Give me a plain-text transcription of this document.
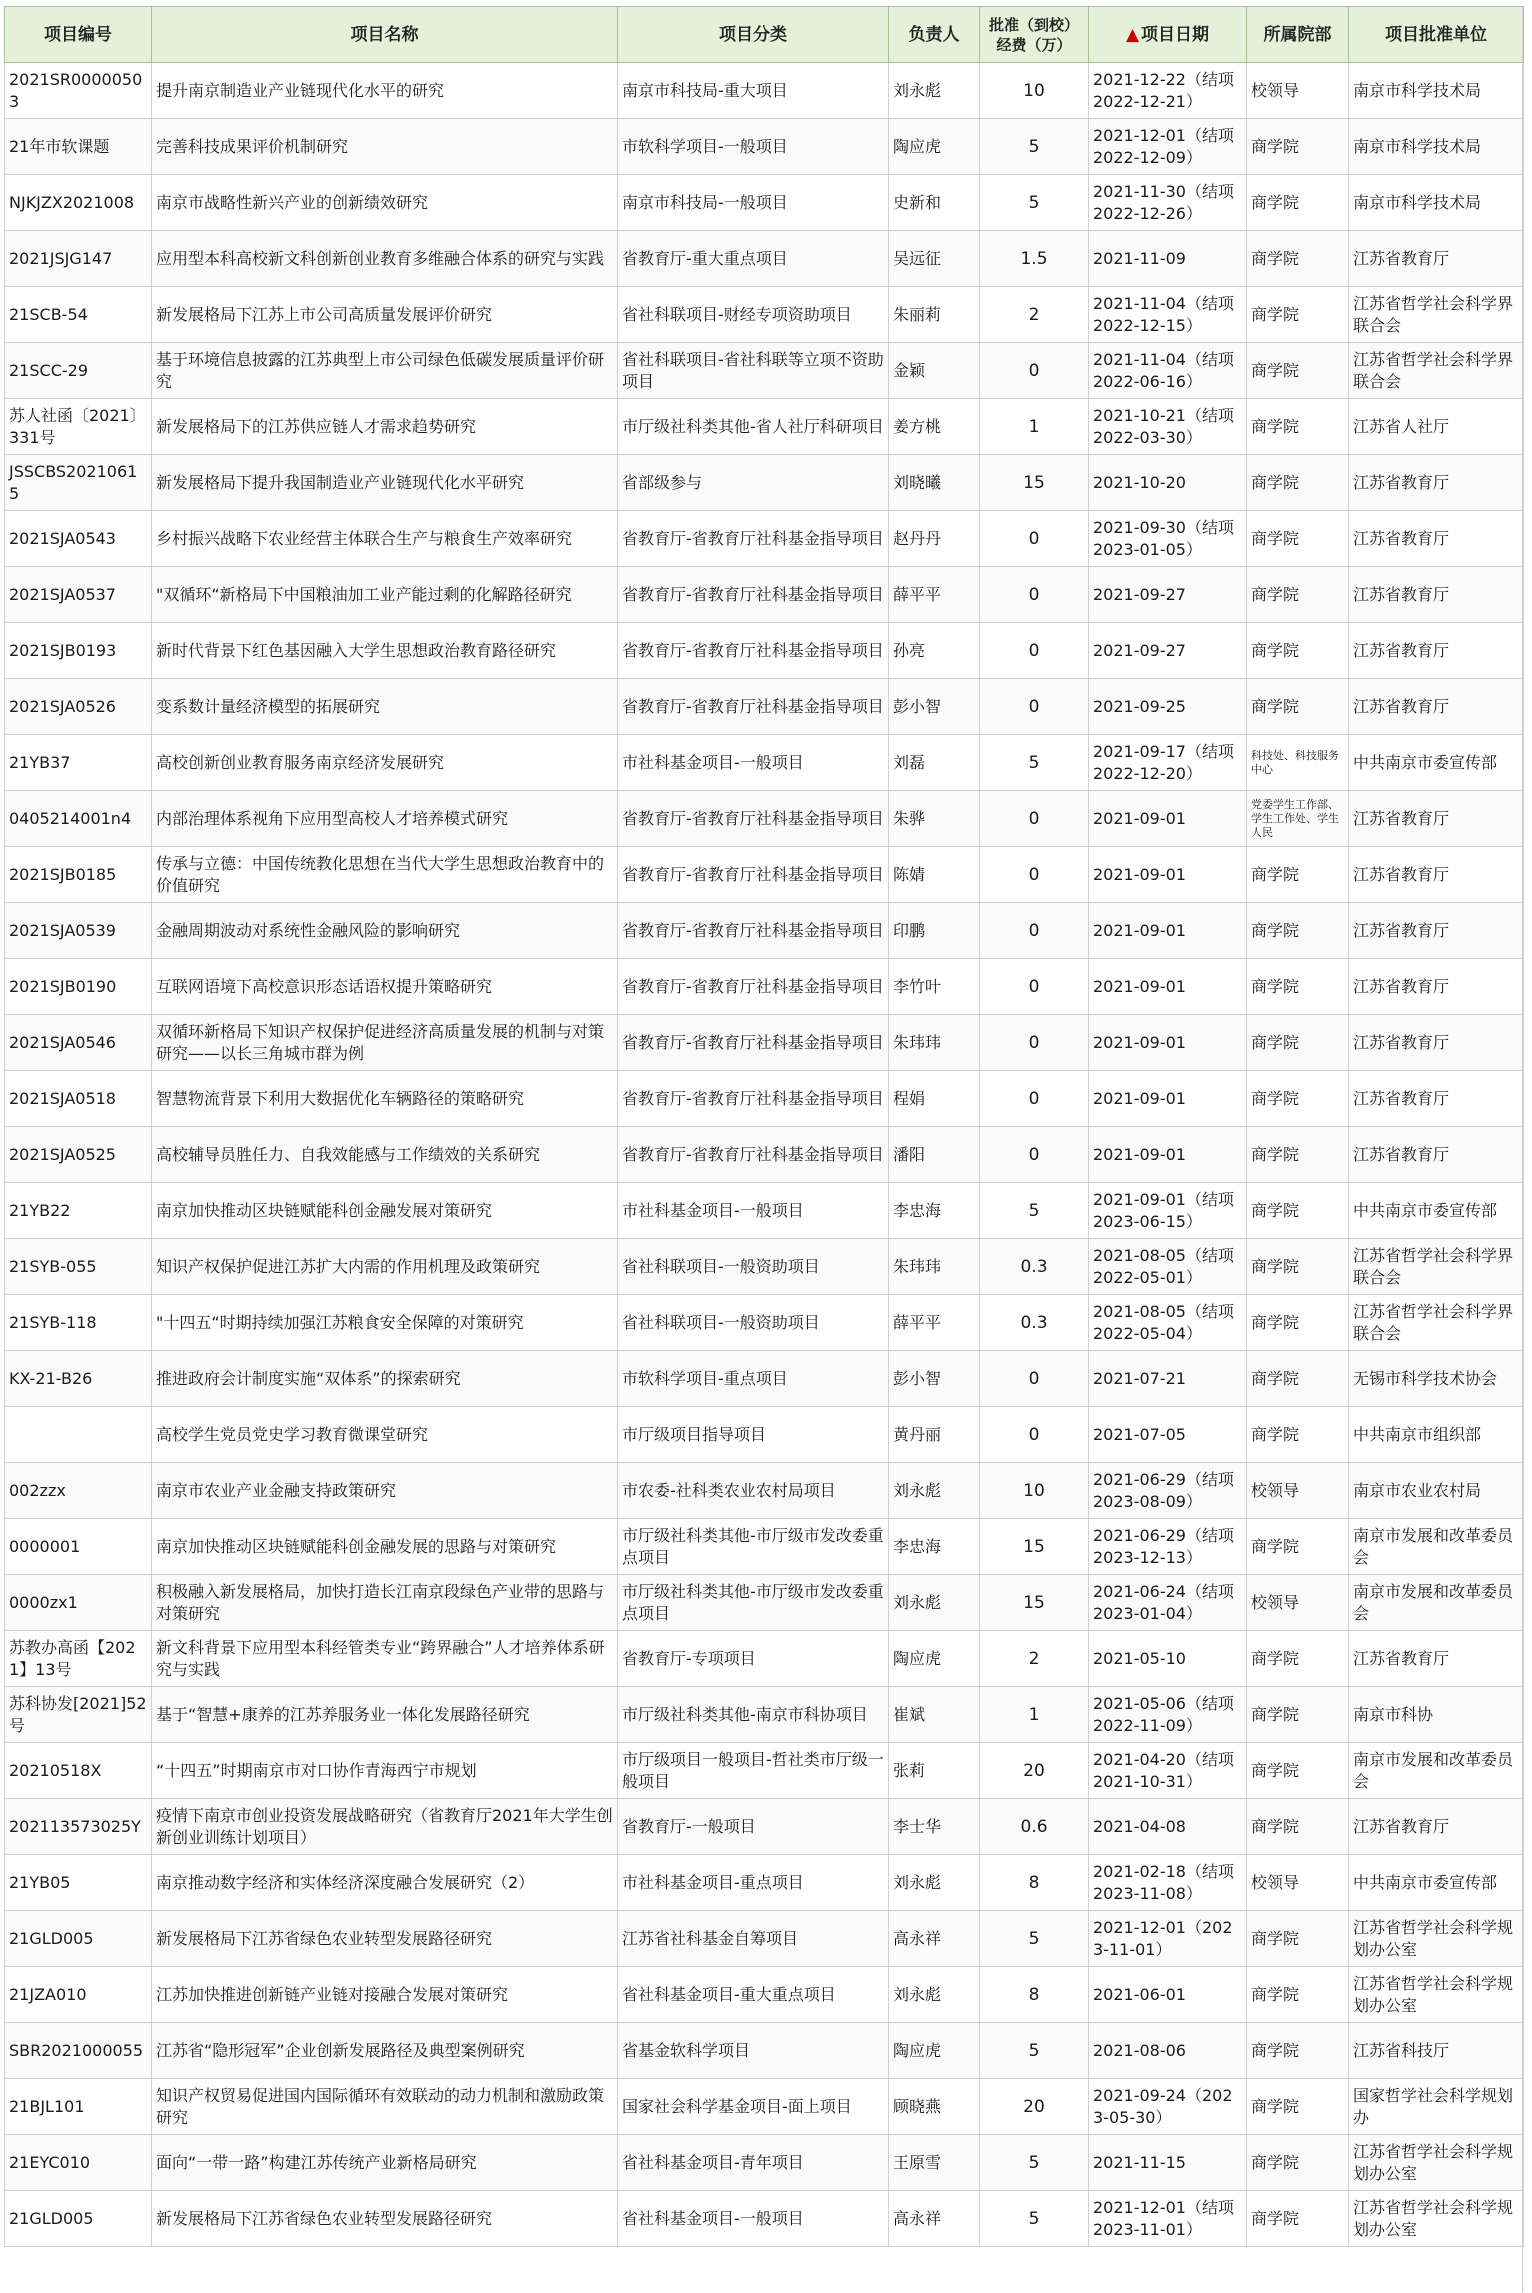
项目编号	项目名称	项目分类	负责人	批准（到校）
经费（万）	▲ 项目日期	所属院部	项目批准单位
2021SR00000503	提升南京制造业产业链现代化水平的研究	南京市科技局-重大项目	刘永彪	10	2021-12-22（结项2022-12-21）	校领导	南京市科学技术局
21年市软课题	完善科技成果评价机制研究	市软科学项目-一般项目	陶应虎	5	2021-12-01（结项2022-12-09）	商学院	南京市科学技术局
NJKJZX2021008	南京市战略性新兴产业的创新绩效研究	南京市科技局-一般项目	史新和	5	2021-11-30（结项2022-12-26）	商学院	南京市科学技术局
2021JSJG147	应用型本科高校新文科创新创业教育多维融合体系的研究与实践	省教育厅-重大重点项目	吴远征	1.5	2021-11-09	商学院	江苏省教育厅
21SCB-54	新发展格局下江苏上市公司高质量发展评价研究	省社科联项目-财经专项资助项目	朱丽莉	2	2021-11-04（结项2022-12-15）	商学院	江苏省哲学社会科学界联合会
21SCC-29	基于环境信息披露的江苏典型上市公司绿色低碳发展质量评价研究	省社科联项目-省社科联等立项不资助项目	金颖	0	2021-11-04（结项2022-06-16）	商学院	江苏省哲学社会科学界联合会
苏人社函〔2021〕331号	新发展格局下的江苏供应链人才需求趋势研究	市厅级社科类其他-省人社厅科研项目	姜方桃	1	2021-10-21（结项2022-03-30）	商学院	江苏省人社厅
JSSCBS20210615	新发展格局下提升我国制造业产业链现代化水平研究	省部级参与	刘晓曦	15	2021-10-20	商学院	江苏省教育厅
2021SJA0543	乡村振兴战略下农业经营主体联合生产与粮食生产效率研究	省教育厅-省教育厅社科基金指导项目	赵丹丹	0	2021-09-30（结项2023-01-05）	商学院	江苏省教育厅
2021SJA0537	"双循环“新格局下中国粮油加工业产能过剩的化解路径研究	省教育厅-省教育厅社科基金指导项目	薛平平	0	2021-09-27	商学院	江苏省教育厅
2021SJB0193	新时代背景下红色基因融入大学生思想政治教育路径研究	省教育厅-省教育厅社科基金指导项目	孙亮	0	2021-09-27	商学院	江苏省教育厅
2021SJA0526	变系数计量经济模型的拓展研究	省教育厅-省教育厅社科基金指导项目	彭小智	0	2021-09-25	商学院	江苏省教育厅
21YB37	高校创新创业教育服务南京经济发展研究	市社科基金项目-一般项目	刘磊	5	2021-09-17（结项2022-12-20）	科技处、科技服务中心	中共南京市委宣传部
0405214001n4	内部治理体系视角下应用型高校人才培养模式研究	省教育厅-省教育厅社科基金指导项目	朱骅	0	2021-09-01	党委学生工作部、学生工作处、学生人民	江苏省教育厅
2021SJB0185	传承与立德：中国传统教化思想在当代大学生思想政治教育中的价值研究	省教育厅-省教育厅社科基金指导项目	陈婧	0	2021-09-01	商学院	江苏省教育厅
2021SJA0539	金融周期波动对系统性金融风险的影响研究	省教育厅-省教育厅社科基金指导项目	印鹏	0	2021-09-01	商学院	江苏省教育厅
2021SJB0190	互联网语境下高校意识形态话语权提升策略研究	省教育厅-省教育厅社科基金指导项目	李竹叶	0	2021-09-01	商学院	江苏省教育厅
2021SJA0546	双循环新格局下知识产权保护促进经济高质量发展的机制与对策研究——以长三角城市群为例	省教育厅-省教育厅社科基金指导项目	朱玮玮	0	2021-09-01	商学院	江苏省教育厅
2021SJA0518	智慧物流背景下利用大数据优化车辆路径的策略研究	省教育厅-省教育厅社科基金指导项目	程娟	0	2021-09-01	商学院	江苏省教育厅
2021SJA0525	高校辅导员胜任力、自我效能感与工作绩效的关系研究	省教育厅-省教育厅社科基金指导项目	潘阳	0	2021-09-01	商学院	江苏省教育厅
21YB22	南京加快推动区块链赋能科创金融发展对策研究	市社科基金项目-一般项目	李忠海	5	2021-09-01（结项2023-06-15）	商学院	中共南京市委宣传部
21SYB-055	知识产权保护促进江苏扩大内需的作用机理及政策研究	省社科联项目-一般资助项目	朱玮玮	0.3	2021-08-05（结项2022-05-01）	商学院	江苏省哲学社会科学界联合会
21SYB-118	"十四五“时期持续加强江苏粮食安全保障的对策研究	省社科联项目-一般资助项目	薛平平	0.3	2021-08-05（结项2022-05-04）	商学院	江苏省哲学社会科学界联合会
KX-21-B26	推进政府会计制度实施“双体系”的探索研究	市软科学项目-重点项目	彭小智	0	2021-07-21	商学院	无锡市科学技术协会
	高校学生党员党史学习教育微课堂研究	市厅级项目指导项目	黄丹丽	0	2021-07-05	商学院	中共南京市组织部
002zzx	南京市农业产业金融支持政策研究	市农委-社科类农业农村局项目	刘永彪	10	2021-06-29（结项2023-08-09）	校领导	南京市农业农村局
0000001	南京加快推动区块链赋能科创金融发展的思路与对策研究	市厅级社科类其他-市厅级市发改委重点项目	李忠海	15	2021-06-29（结项2023-12-13）	商学院	南京市发展和改革委员会
0000zx1	积极融入新发展格局，加快打造长江南京段绿色产业带的思路与对策研究	市厅级社科类其他-市厅级市发改委重点项目	刘永彪	15	2021-06-24（结项2023-01-04）	校领导	南京市发展和改革委员会
苏教办高函【2021】13号	新文科背景下应用型本科经管类专业“跨界融合”人才培养体系研究与实践	省教育厅-专项项目	陶应虎	2	2021-05-10	商学院	江苏省教育厅
苏科协发[2021]52号	基于“智慧+康养的江苏养服务业一体化发展路径研究	市厅级社科类其他-南京市科协项目	崔斌	1	2021-05-06（结项2022-11-09）	商学院	南京市科协
20210518X	“十四五”时期南京市对口协作青海西宁市规划	市厅级项目一般项目-哲社类市厅级一般项目	张莉	20	2021-04-20（结项2021-10-31）	商学院	南京市发展和改革委员会
202113573025Y	疫情下南京市创业投资发展战略研究（省教育厅2021年大学生创新创业训练计划项目）	省教育厅-一般项目	李士华	0.6	2021-04-08	商学院	江苏省教育厅
21YB05	南京推动数字经济和实体经济深度融合发展研究（2）	市社科基金项目-重点项目	刘永彪	8	2021-02-18（结项2023-11-08）	校领导	中共南京市委宣传部
21GLD005	新发展格局下江苏省绿色农业转型发展路径研究	江苏省社科基金自筹项目	高永祥	5	2021-12-01（2023-11-01）	商学院	江苏省哲学社会科学规划办公室
21JZA010	江苏加快推进创新链产业链对接融合发展对策研究	省社科基金项目-重大重点项目	刘永彪	8	2021-06-01	商学院	江苏省哲学社会科学规划办公室
SBR2021000055	江苏省“隐形冠军”企业创新发展路径及典型案例研究	省基金软科学项目	陶应虎	5	2021-08-06	商学院	江苏省科技厅
21BJL101	知识产权贸易促进国内国际循环有效联动的动力机制和激励政策研究	国家社会科学基金项目-面上项目	顾晓燕	20	2021-09-24（2023-05-30）	商学院	国家哲学社会科学规划办
21EYC010	面向“一带一路”构建江苏传统产业新格局研究	省社科基金项目-青年项目	王原雪	5	2021-11-15	商学院	江苏省哲学社会科学规划办公室
21GLD005	新发展格局下江苏省绿色农业转型发展路径研究	省社科基金项目-一般项目	高永祥	5	2021-12-01（结项2023-11-01）	商学院	江苏省哲学社会科学规划办公室
